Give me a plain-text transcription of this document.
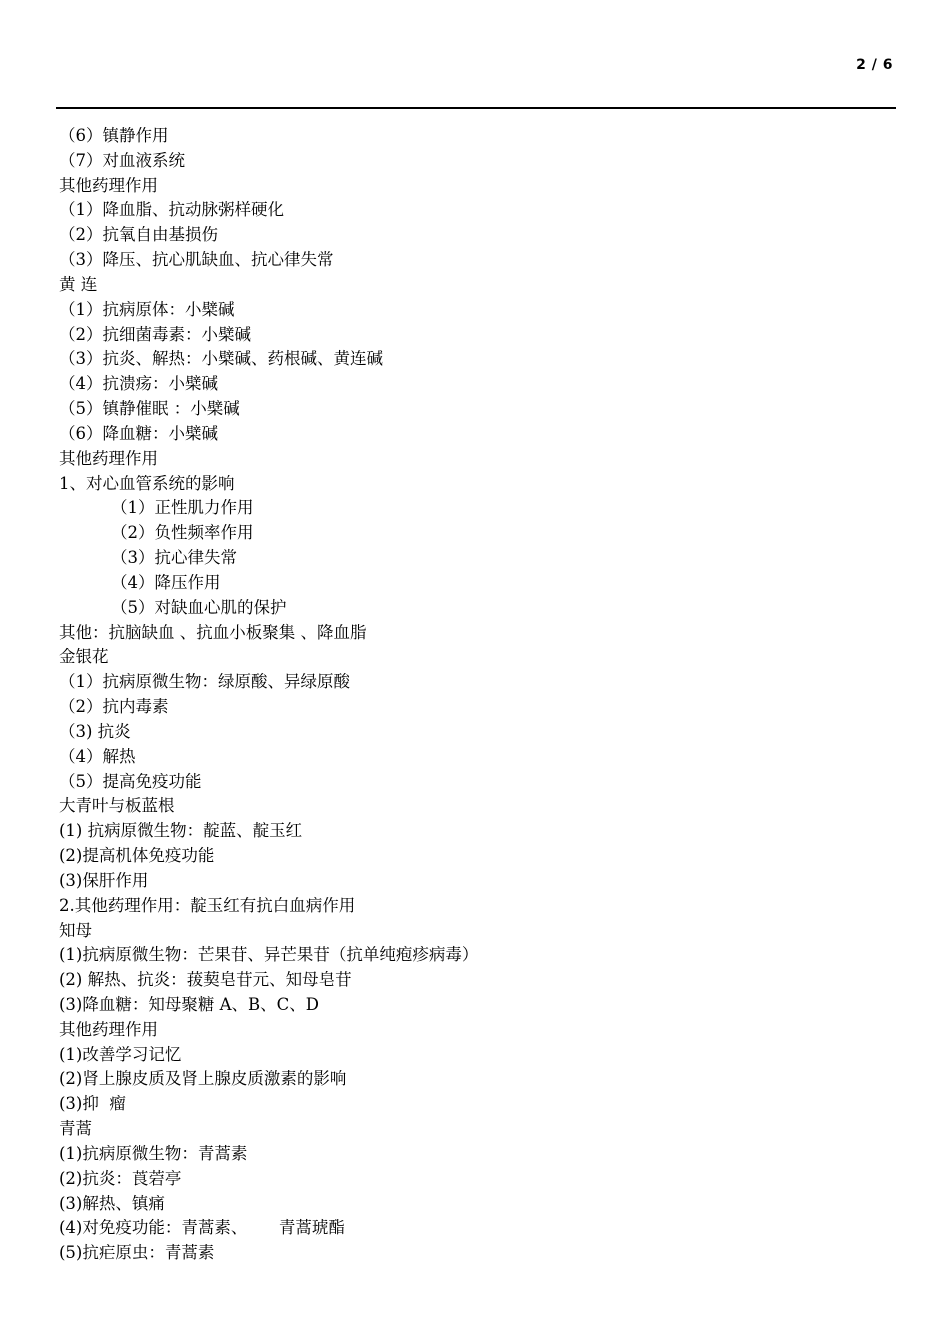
2 / 6
（6）镇静作用
（7）对血液系统
其他药理作用
（1）降血脂、抗动脉粥样硬化
（2）抗氧自由基损伤
（3）降压、抗心肌缺血、抗心律失常
黄 连
（1）抗病原体：小檗碱
（2）抗细菌毒素：小檗碱
（3）抗炎、解热：小檗碱、药根碱、黄连碱
（4）抗溃疡：小檗碱
（5）镇静催眠 ：小檗碱
（6）降血糖：小檗碱
其他药理作用
1、对心血管系统的影响
（1）正性肌力作用
（2）负性频率作用
（3）抗心律失常
（4）降压作用
（5）对缺血心肌的保护
其他：抗脑缺血 、抗血小板聚集 、降血脂
金银花
（1）抗病原微生物：绿原酸、异绿原酸
（2）抗内毒素
（3) 抗炎
（4）解热
（5）提高免疫功能
大青叶与板蓝根
(1) 抗病原微生物：靛蓝、靛玉红
(2)提高机体免疫功能
(3)保肝作用
2.其他药理作用：靛玉红有抗白血病作用
知母
(1)抗病原微生物：芒果苷、异芒果苷（抗单纯疱疹病毒）
(2) 解热、抗炎：菝葜皂苷元、知母皂苷
(3)降血糖：知母聚糖 A、B、C、D
其他药理作用
(1)改善学习记忆
(2)肾上腺皮质及肾上腺皮质激素的影响
(3)抑  瘤
青蒿
(1)抗病原微生物：青蒿素
(2)抗炎：莨菪亭
(3)解热、镇痛
(4)对免疫功能：青蒿素、      青蒿琥酯
(5)抗疟原虫：青蒿素
